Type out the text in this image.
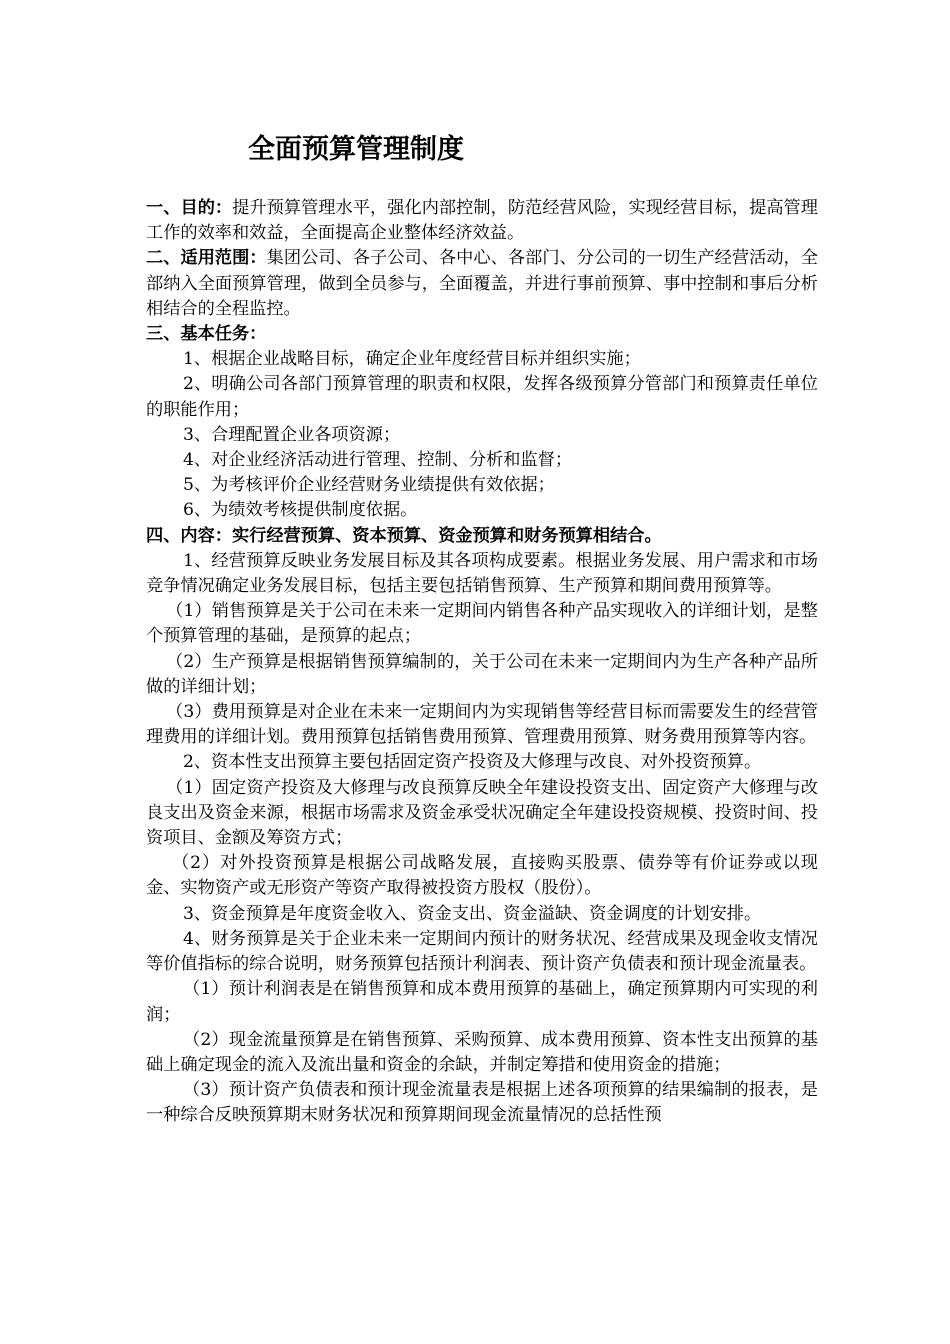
全面预算管理制度

一、目的：提升预算管理水平，强化内部控制，防范经营风险，实现经营目标，提高管理工作的效率和效益，全面提高企业整体经济效益。

二、适用范围：集团公司、各子公司、各中心、各部门、分公司的一切生产经营活动，全部纳入全面预算管理，做到全员参与，全面覆盖，并进行事前预算、事中控制和事后分析相结合的全程监控。

三、基本任务：

1、根据企业战略目标，确定企业年度经营目标并组织实施；

2、明确公司各部门预算管理的职责和权限，发挥各级预算分管部门和预算责任单位的职能作用；

3、合理配置企业各项资源；

4、对企业经济活动进行管理、控制、分析和监督；

5、为考核评价企业经营财务业绩提供有效依据；

6、为绩效考核提供制度依据。

四、内容：实行经营预算、资本预算、资金预算和财务预算相结合。

1、经营预算反映业务发展目标及其各项构成要素。根据业务发展、用户需求和市场竞争情况确定业务发展目标，包括主要包括销售预算、生产预算和期间费用预算等。

（1）销售预算是关于公司在未来一定期间内销售各种产品实现收入的详细计划，是整个预算管理的基础，是预算的起点；

（2）生产预算是根据销售预算编制的，关于公司在未来一定期间内为生产各种产品所做的详细计划；

（3）费用预算是对企业在未来一定期间内为实现销售等经营目标而需要发生的经营管理费用的详细计划。费用预算包括销售费用预算、管理费用预算、财务费用预算等内容。

2、资本性支出预算主要包括固定资产投资及大修理与改良、对外投资预算。

（1）固定资产投资及大修理与改良预算反映全年建设投资支出、固定资产大修理与改良支出及资金来源，根据市场需求及资金承受状况确定全年建设投资规模、投资时间、投资项目、金额及筹资方式；

（2）对外投资预算是根据公司战略发展，直接购买股票、债券等有价证券或以现金、实物资产或无形资产等资产取得被投资方股权（股份）。

3、资金预算是年度资金收入、资金支出、资金溢缺、资金调度的计划安排。

4、财务预算是关于企业未来一定期间内预计的财务状况、经营成果及现金收支情况等价值指标的综合说明，财务预算包括预计利润表、预计资产负债表和预计现金流量表。

（1）预计利润表是在销售预算和成本费用预算的基础上，确定预算期内可实现的利润；

（2）现金流量预算是在销售预算、采购预算、成本费用预算、资本性支出预算的基础上确定现金的流入及流出量和资金的余缺，并制定筹措和使用资金的措施；

（3）预计资产负债表和预计现金流量表是根据上述各项预算的结果编制的报表，是一种综合反映预算期末财务状况和预算期间现金流量情况的总括性预
